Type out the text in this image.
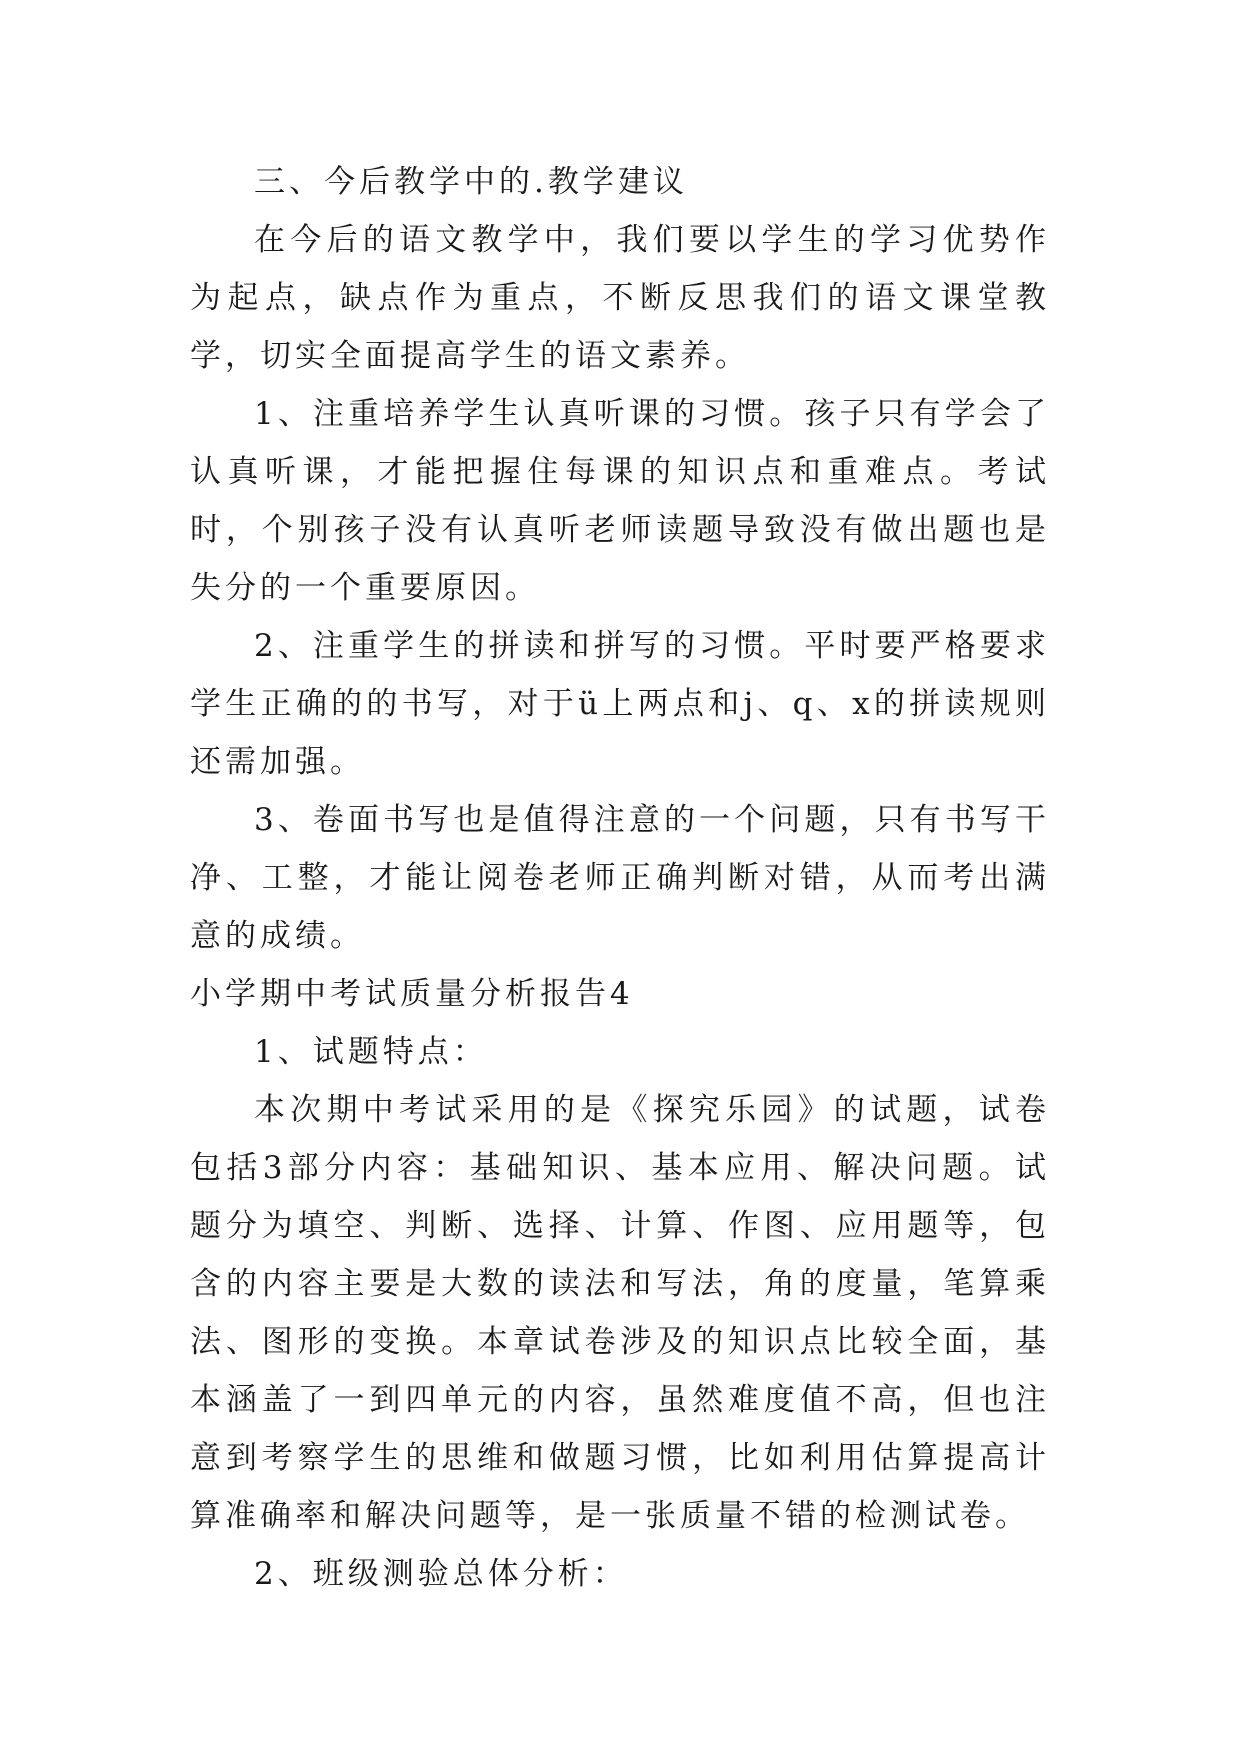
三、今后教学中的.教学建议

在今后的语文教学中，我们要以学生的学习优势作为起点，缺点作为重点，不断反思我们的语文课堂教学，切实全面提高学生的语文素养。

1、注重培养学生认真听课的习惯。孩子只有学会了认真听课，才能把握住每课的知识点和重难点。考试时，个别孩子没有认真听老师读题导致没有做出题也是失分的一个重要原因。

2、注重学生的拼读和拼写的习惯。平时要严格要求学生正确的的书写，对于ü上两点和j、q、x的拼读规则还需加强。

3、卷面书写也是值得注意的一个问题，只有书写干净、工整，才能让阅卷老师正确判断对错，从而考出满意的成绩。

小学期中考试质量分析报告4

1、试题特点：

本次期中考试采用的是《探究乐园》的试题，试卷包括3部分内容：基础知识、基本应用、解决问题。试题分为填空、判断、选择、计算、作图、应用题等，包含的内容主要是大数的读法和写法，角的度量，笔算乘法、图形的变换。本章试卷涉及的知识点比较全面，基本涵盖了一到四单元的内容，虽然难度值不高，但也注意到考察学生的思维和做题习惯，比如利用估算提高计算准确率和解决问题等，是一张质量不错的检测试卷。

2、班级测验总体分析：
